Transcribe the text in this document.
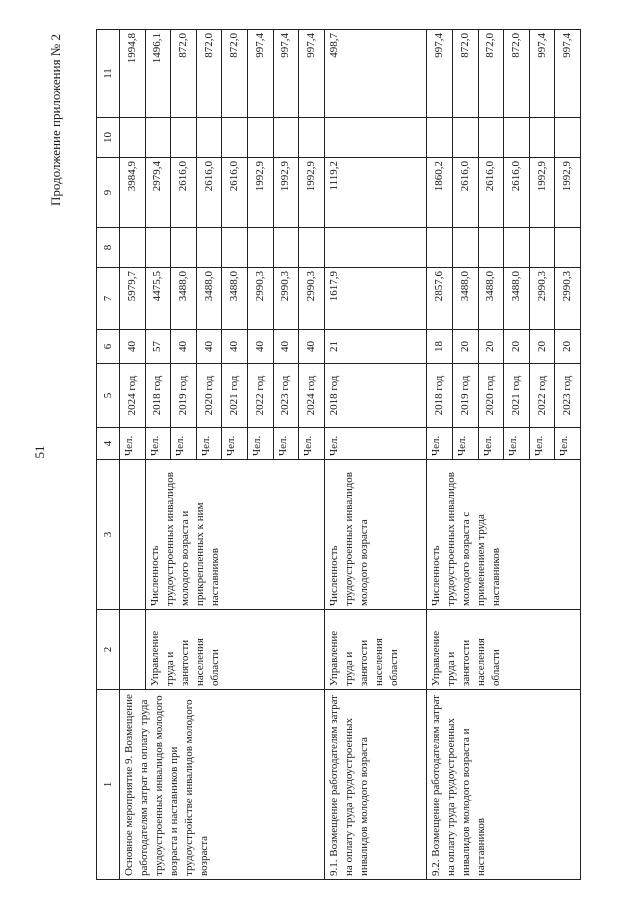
51
Продолжение приложения № 2
1	2	3	4	5	6	7	8	9	10	11
Основное мероприятие 9. Возмещение работодателям затрат на оплату труда трудоустроенных инвалидов молодого возраста и наставников при трудоустройстве инвалидов молодого возраста			Чел.	2024 год	40	5979,7		3984,9		1994,8
	Управление труда и занятости населения области	Численность трудоустроенных инвалидов молодого возраста и прикрепленных к ним наставников	Чел.	2018 год	57	4475,5		2979,4		1496,1
			Чел.	2019 год	40	3488,0		2616,0		872,0
			Чел.	2020 год	40	3488,0		2616,0		872,0
			Чел.	2021 год	40	3488,0		2616,0		872,0
			Чел.	2022 год	40	2990,3		1992,9		997,4
			Чел.	2023 год	40	2990,3		1992,9		997,4
			Чел.	2024 год	40	2990,3		1992,9		997,4
9.1. Возмещение работодателям затрат на оплату труда трудоустроенных инвалидов молодого возраста	Управление труда и занятости населения области	Численность трудоустроенных инвалидов молодого возраста	Чел.	2018 год	21	1617,9		1119,2		498,7
9.2. Возмещение работодателям затрат на оплату труда трудоустроенных инвалидов молодого возраста и наставников	Управление труда и занятости населения области	Численность трудоустроенных инвалидов молодого возраста с применением труда наставников	Чел.	2018 год	18	2857,6		1860,2		997,4
			Чел.	2019 год	20	3488,0		2616,0		872,0
			Чел.	2020 год	20	3488,0		2616,0		872,0
			Чел.	2021 год	20	3488,0		2616,0		872,0
			Чел.	2022 год	20	2990,3		1992,9		997,4
			Чел.	2023 год	20	2990,3		1992,9		997,4
